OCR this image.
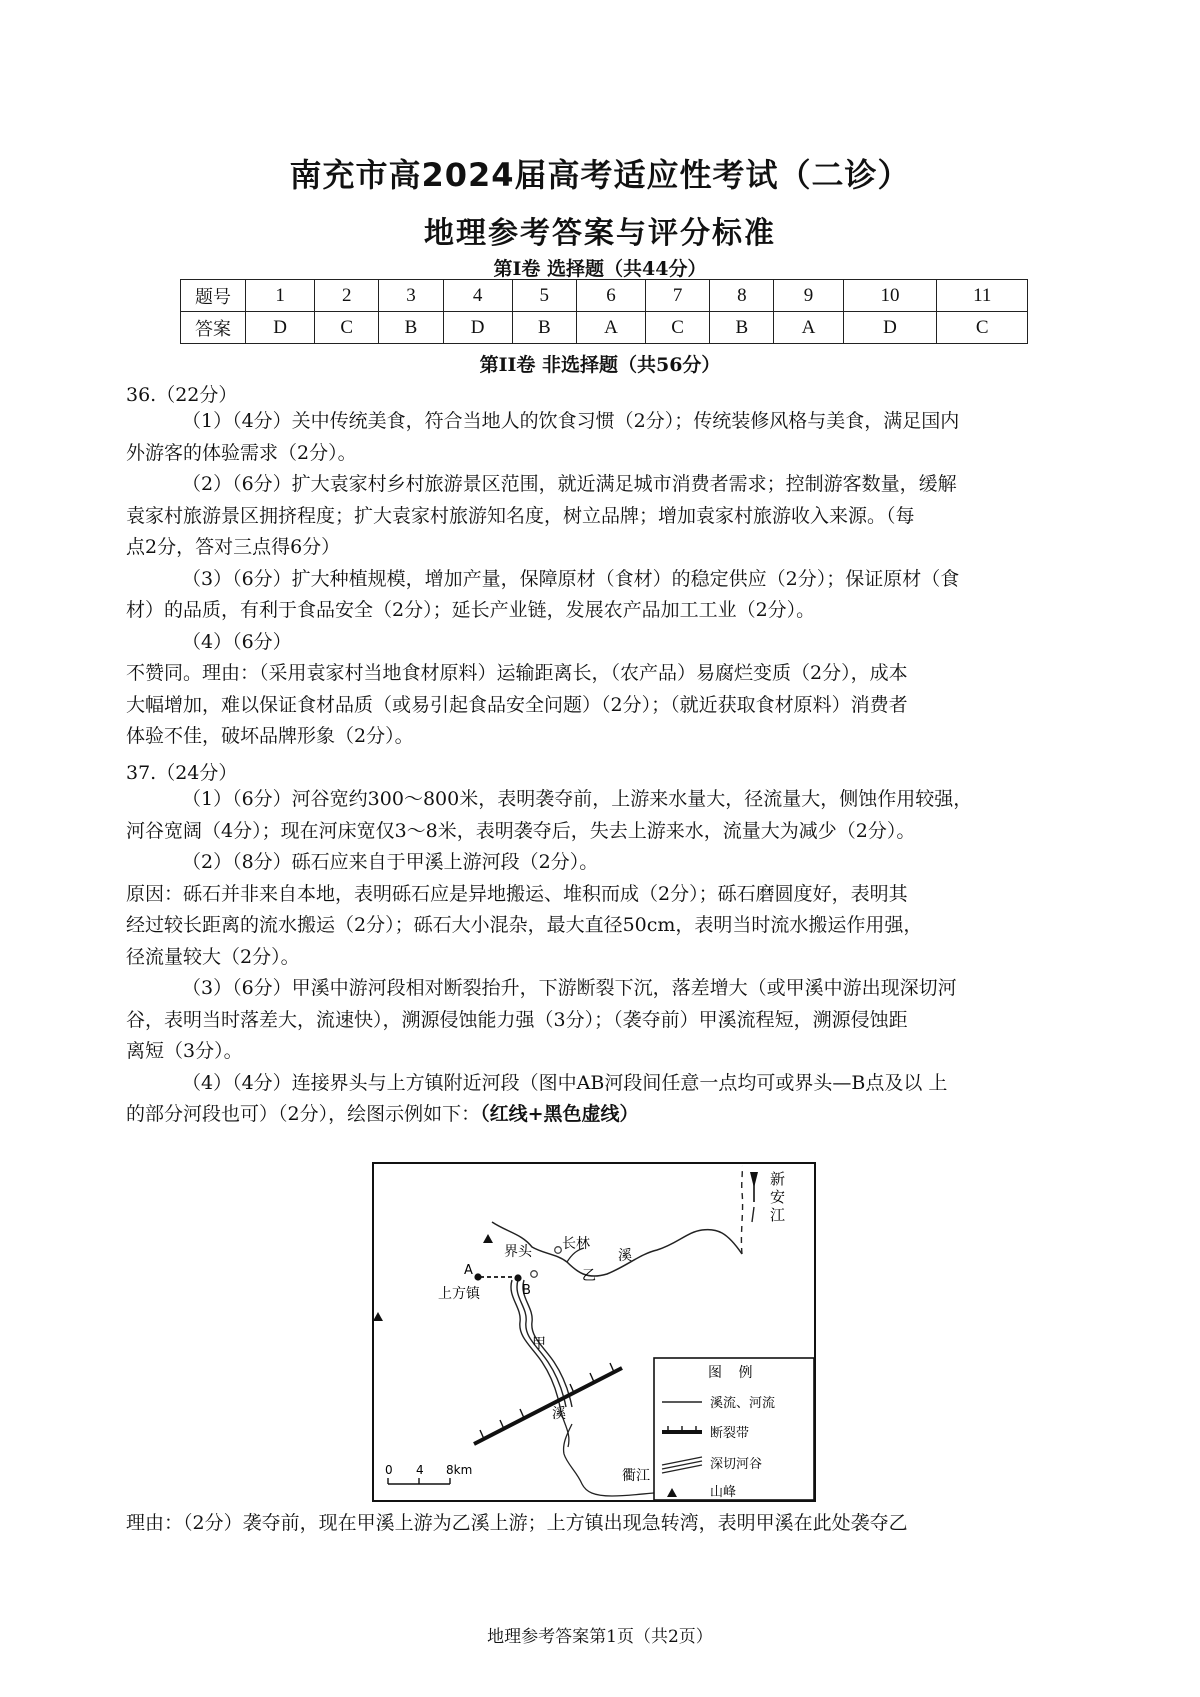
南充市高2024届高考适应性考试（二诊）
地理参考答案与评分标准
第I卷 选择题（共44分）
题号	1	2	3	4	5	6	7	8	9	10	11
答案	D	C	B	D	B	A	C	B	A	D	C
第II卷 非选择题（共56分）
36.（22分）
（1）（4分）关中传统美食，符合当地人的饮食习惯（2分）；传统装修风格与美食，满足国内
外游客的体验需求（2分）。
（2）（6分）扩大袁家村乡村旅游景区范围，就近满足城市消费者需求；控制游客数量，缓解
袁家村旅游景区拥挤程度；扩大袁家村旅游知名度，树立品牌；增加袁家村旅游收入来源。（每
点2分，答对三点得6分）
（3）（6分）扩大种植规模，增加产量，保障原材（食材）的稳定供应（2分）；保证原材（食
材）的品质，有利于食品安全（2分）；延长产业链，发展农产品加工工业（2分）。
（4）（6分）
不赞同。理由：（采用袁家村当地食材原料）运输距离长，（农产品）易腐烂变质（2分），成本
大幅增加，难以保证食材品质（或易引起食品安全问题）（2分）；（就近获取食材原料）消费者
体验不佳，破坏品牌形象（2分）。
37.（24分）
（1）（6分）河谷宽约300～800米，表明袭夺前，上游来水量大，径流量大，侧蚀作用较强，
河谷宽阔（4分）；现在河床宽仅3～8米，表明袭夺后，失去上游来水，流量大为减少（2分）。
（2）（8分）砾石应来自于甲溪上游河段（2分）。
原因：砾石并非来自本地，表明砾石应是异地搬运、堆积而成（2分）；砾石磨圆度好，表明其
经过较长距离的流水搬运（2分）；砾石大小混杂，最大直径50cm，表明当时流水搬运作用强，
径流量较大（2分）。
（3）（6分）甲溪中游河段相对断裂抬升，下游断裂下沉，落差增大（或甲溪中游出现深切河
谷，表明当时落差大，流速快），溯源侵蚀能力强（3分）；（袭夺前）甲溪流程短，溯源侵蚀距
离短（3分）。
（4）（4分）连接界头与上方镇附近河段（图中AB河段间任意一点均可或界头—B点及以 上
的部分河段也可）（2分），绘图示例如下：（红线+黑色虚线）
新
安
江
衢江
A
B
界头 长林
上方镇
乙
溪
甲
溪
0 4 8km
图 例
溪流、河流
断裂带
深切河谷
山峰
理由：（2分）袭夺前，现在甲溪上游为乙溪上游；上方镇出现急转湾，表明甲溪在此处袭夺乙
地理参考答案第1页（共2页）
